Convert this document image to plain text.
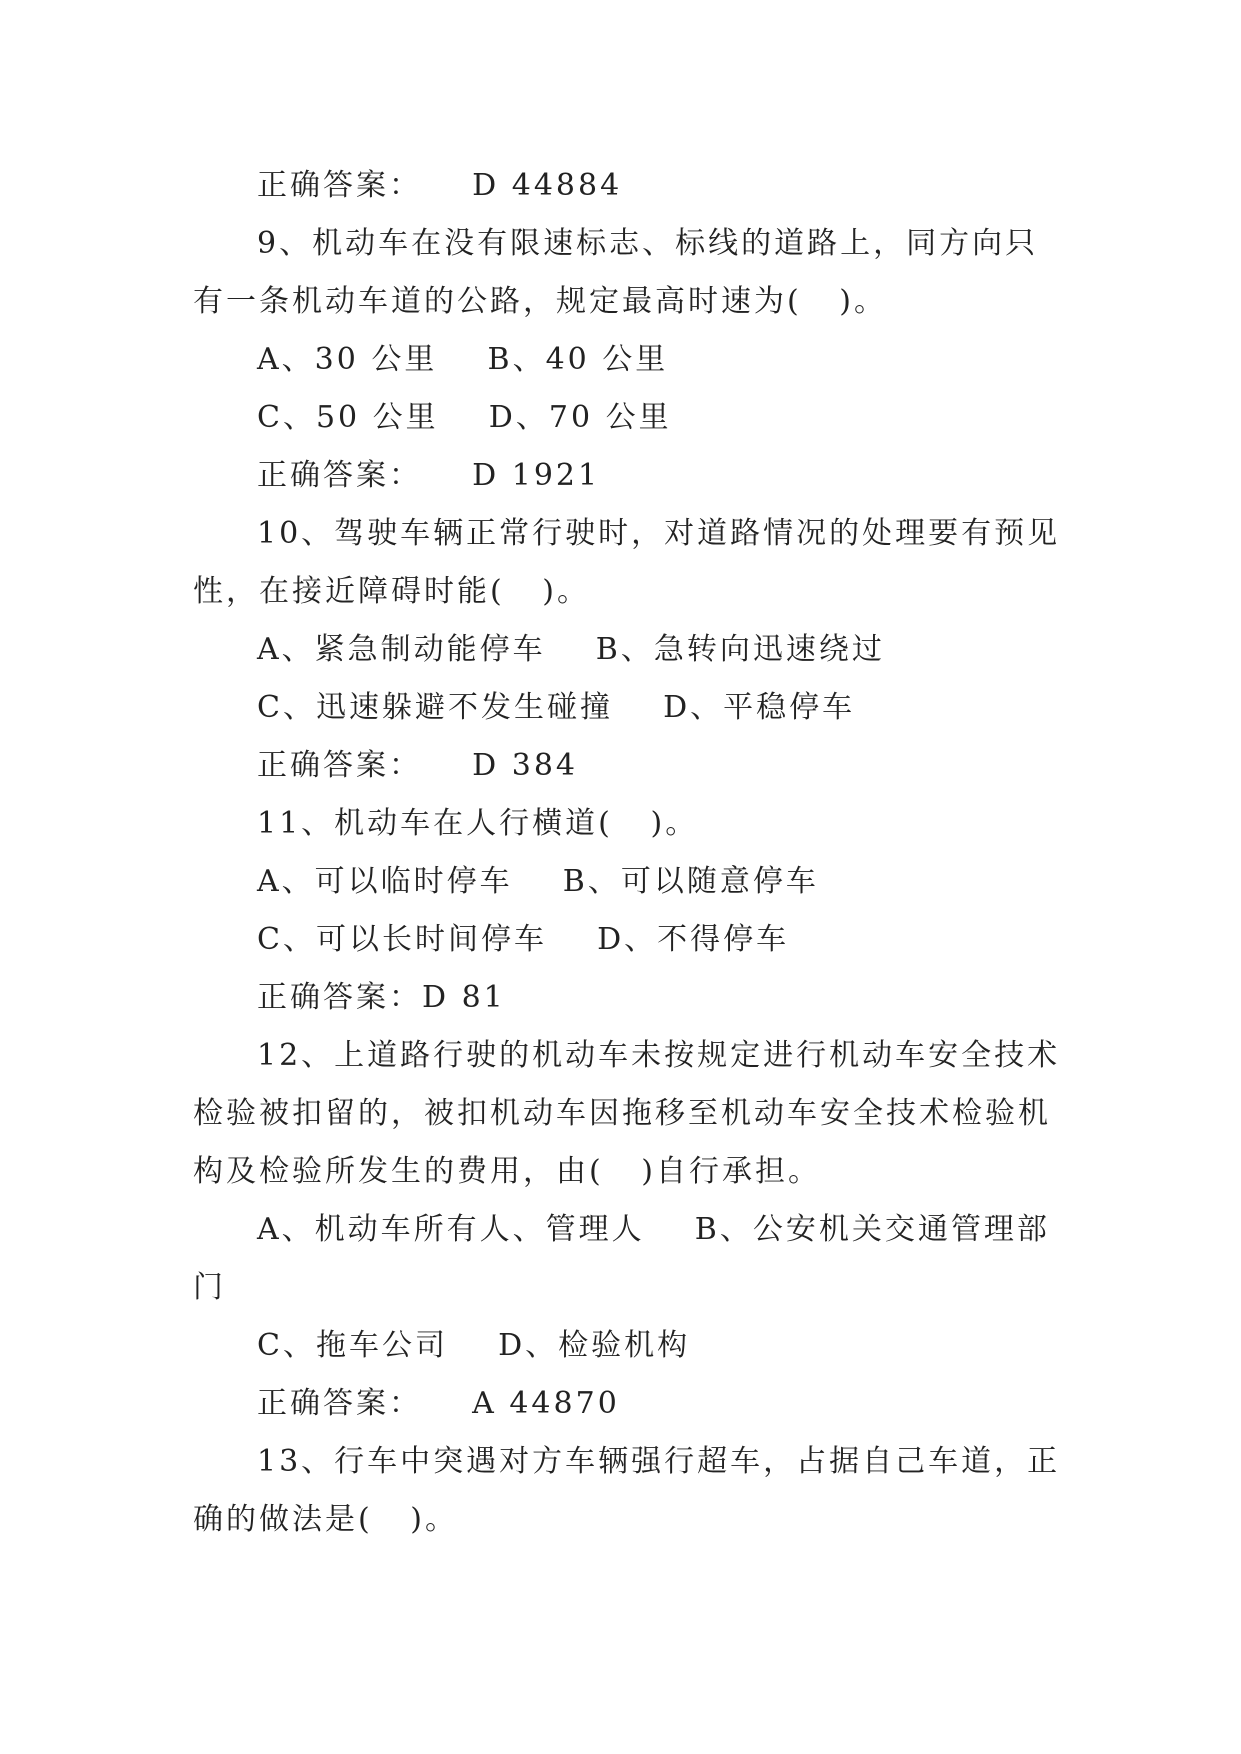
正确答案：    D 44884
9、机动车在没有限速标志、标线的道路上，同方向只
有一条机动车道的公路，规定最高时速为(   )。
A、30 公里    B、40 公里
C、50 公里    D、70 公里
正确答案：    D 1921
10、驾驶车辆正常行驶时，对道路情况的处理要有预见
性，在接近障碍时能(   )。
A、紧急制动能停车    B、急转向迅速绕过
C、迅速躲避不发生碰撞    D、平稳停车
正确答案：    D 384
11、机动车在人行横道(   )。
A、可以临时停车    B、可以随意停车
C、可以长时间停车    D、不得停车
正确答案：D 81
12、上道路行驶的机动车未按规定进行机动车安全技术
检验被扣留的，被扣机动车因拖移至机动车安全技术检验机
构及检验所发生的费用，由(   )自行承担。
A、机动车所有人、管理人    B、公安机关交通管理部
门
C、拖车公司    D、检验机构
正确答案：    A 44870
13、行车中突遇对方车辆强行超车，占据自己车道，正
确的做法是(   )。
